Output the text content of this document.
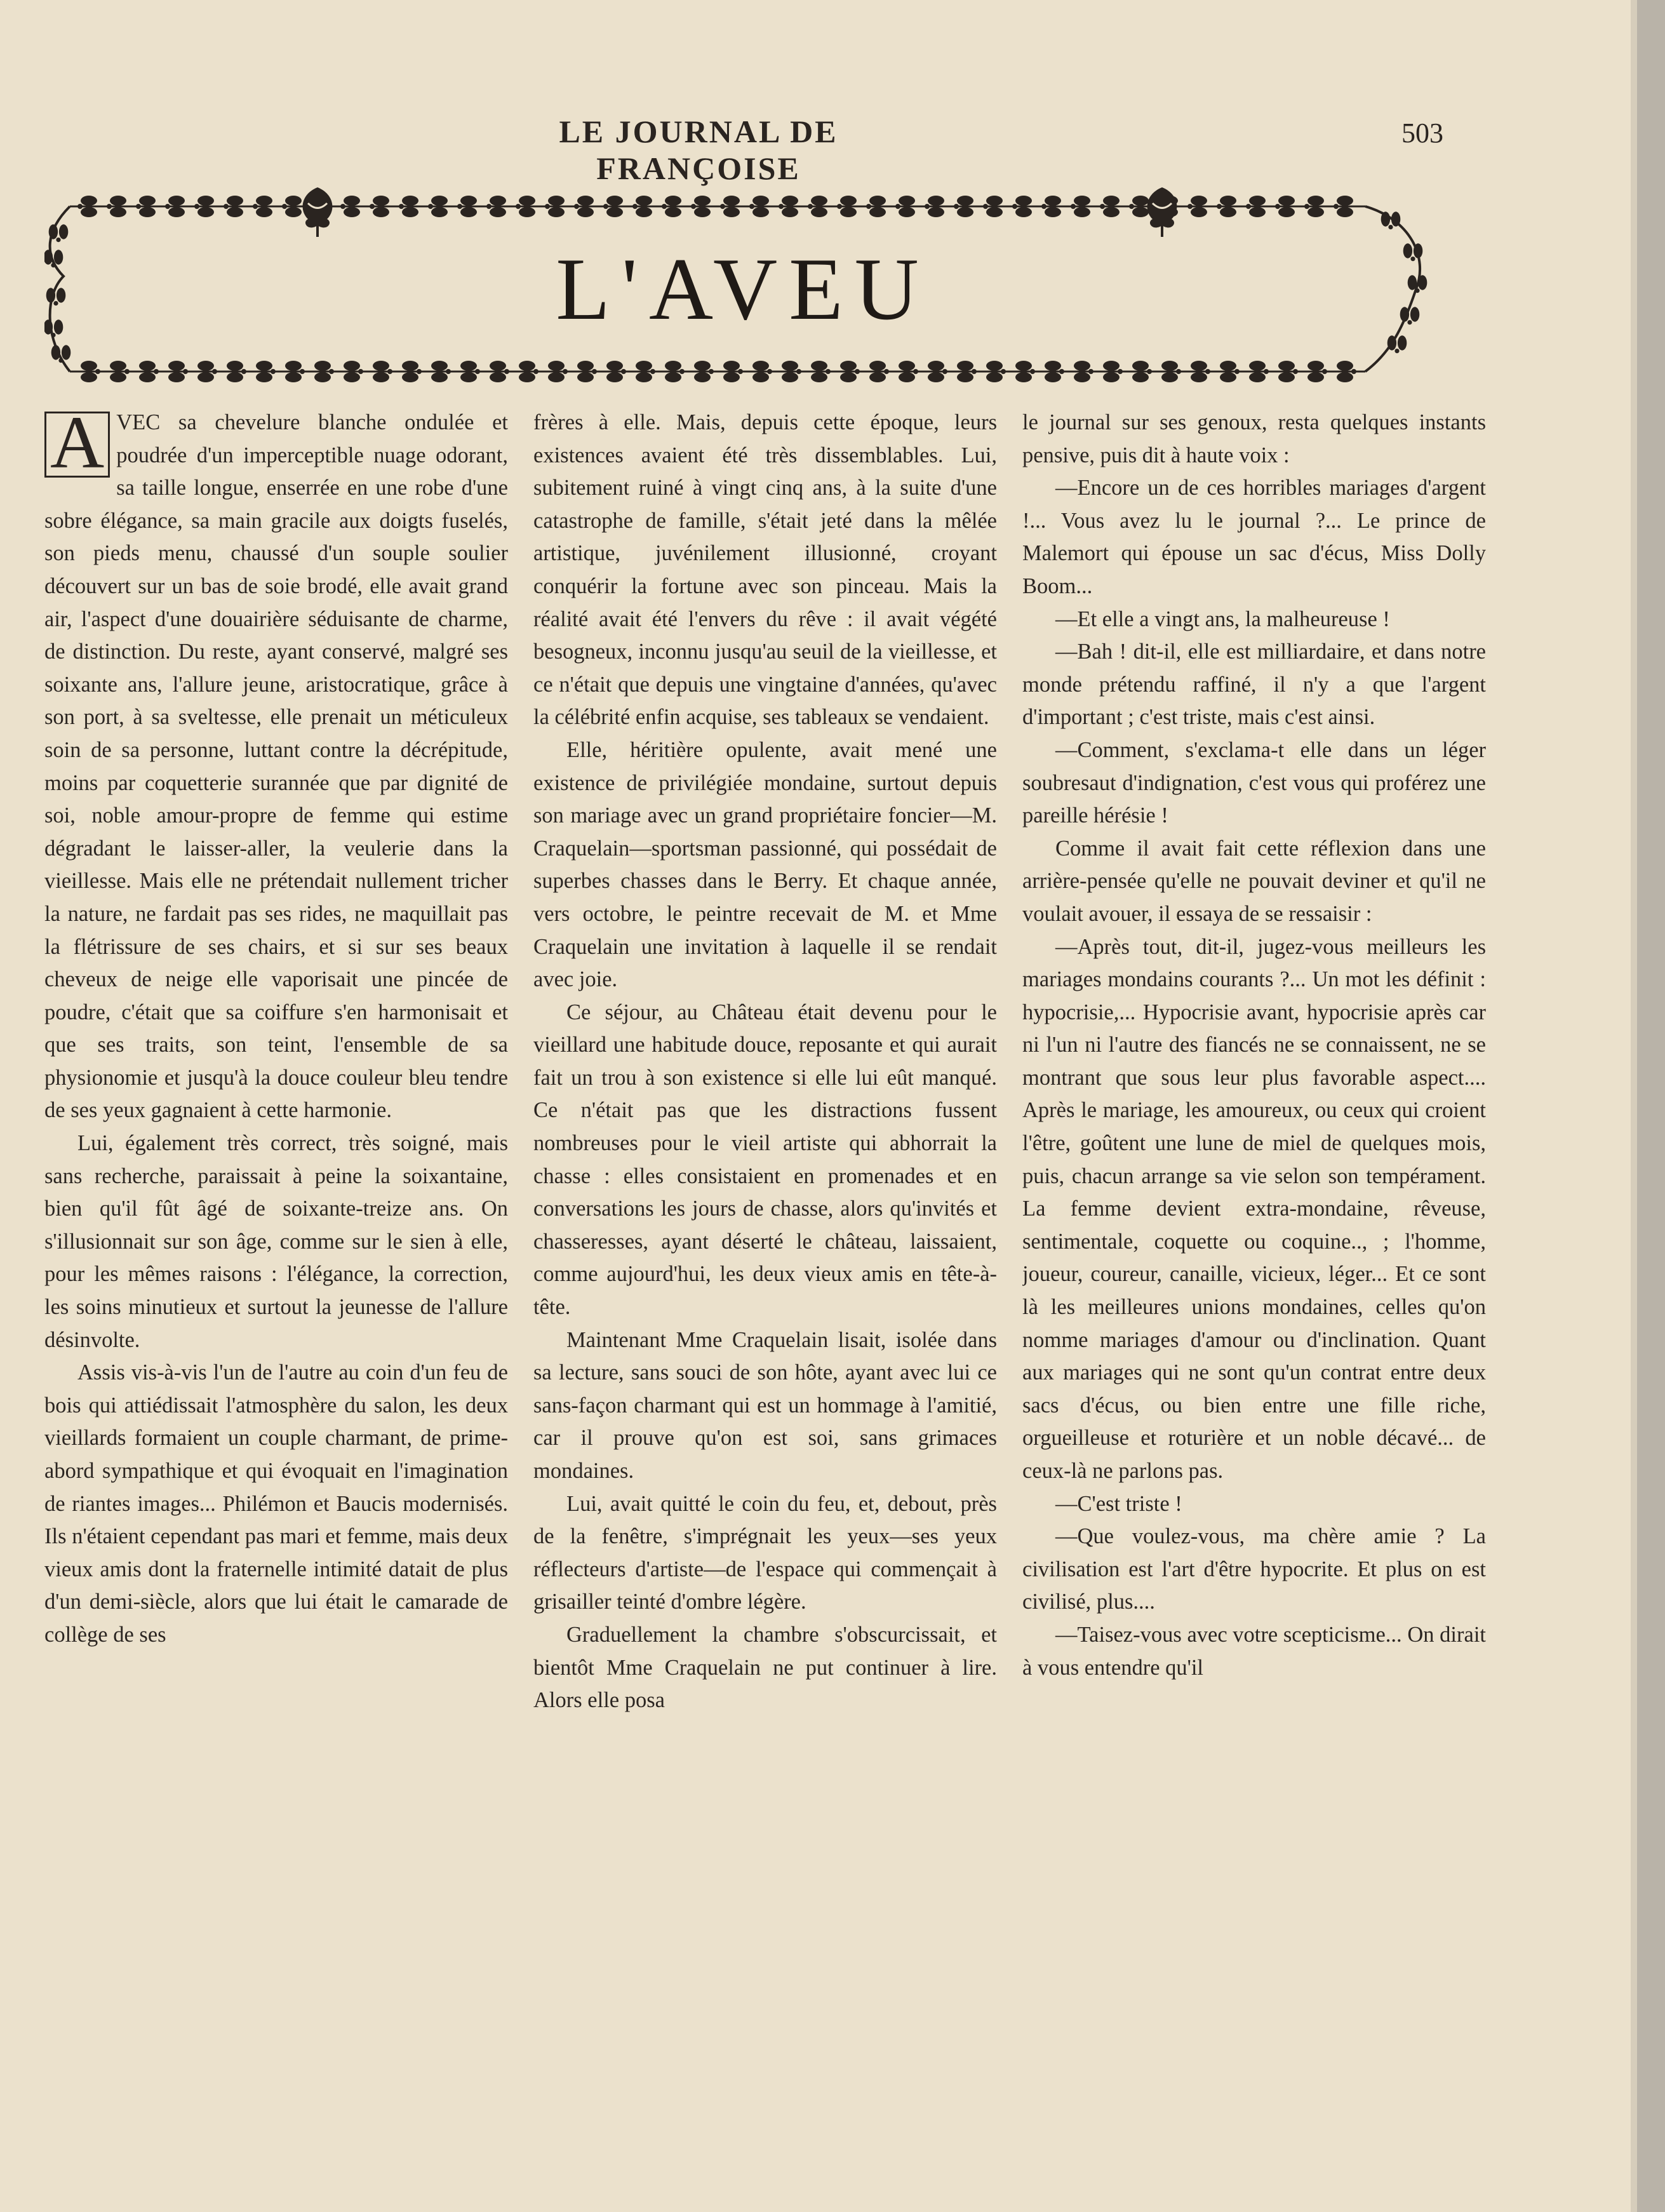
LE JOURNAL DE FRANÇOISE
503
L'AVEU

A VEC sa chevelure blanche ondulée et poudrée d'un imperceptible nuage odorant, sa taille longue, enserrée en une robe d'une sobre élégance, sa main gracile aux doigts fuselés, son pieds menu, chaussé d'un souple soulier découvert sur un bas de soie brodé, elle avait grand air, l'aspect d'une douairière séduisante de charme, de distinction. Du reste, ayant conservé, malgré ses soixante ans, l'allure jeune, aristocratique, grâce à son port, à sa sveltesse, elle prenait un méticuleux soin de sa personne, luttant contre la décrépitude, moins par coquetterie surannée que par dignité de soi, noble amour-propre de femme qui estime dégradant le laisser-aller, la veulerie dans la vieillesse. Mais elle ne prétendait nullement tricher la nature, ne fardait pas ses rides, ne maquillait pas la flétrissure de ses chairs, et si sur ses beaux cheveux de neige elle vaporisait une pincée de poudre, c'était que sa coiffure s'en harmonisait et que ses traits, son teint, l'ensemble de sa physionomie et jusqu'à la douce couleur bleu tendre de ses yeux gagnaient à cette harmonie.

Lui, également très correct, très soigné, mais sans recherche, paraissait à peine la soixantaine, bien qu'il fût âgé de soixante-treize ans. On s'illusionnait sur son âge, comme sur le sien à elle, pour les mêmes raisons : l'élégance, la correction, les soins minutieux et surtout la jeunesse de l'allure désinvolte.

Assis vis-à-vis l'un de l'autre au coin d'un feu de bois qui attiédissait l'atmosphère du salon, les deux vieillards formaient un couple charmant, de prime-abord sympathique et qui évoquait en l'imagination de riantes images... Philémon et Baucis modernisés. Ils n'étaient cependant pas mari et femme, mais deux vieux amis dont la fraternelle intimité datait de plus d'un demi-siècle, alors que lui était le camarade de collège de ses

frères à elle. Mais, depuis cette époque, leurs existences avaient été très dissemblables. Lui, subitement ruiné à vingt cinq ans, à la suite d'une catastrophe de famille, s'était jeté dans la mêlée artistique, juvénilement illusionné, croyant conquérir la fortune avec son pinceau. Mais la réalité avait été l'envers du rêve : il avait végété besogneux, inconnu jusqu'au seuil de la vieillesse, et ce n'était que depuis une vingtaine d'années, qu'avec la célébrité enfin acquise, ses tableaux se vendaient.

Elle, héritière opulente, avait mené une existence de privilégiée mondaine, surtout depuis son mariage avec un grand propriétaire foncier—M. Craquelain—sportsman passionné, qui possédait de superbes chasses dans le Berry. Et chaque année, vers octobre, le peintre recevait de M. et Mme Craquelain une invitation à laquelle il se rendait avec joie.

Ce séjour, au Château était devenu pour le vieillard une habitude douce, reposante et qui aurait fait un trou à son existence si elle lui eût manqué. Ce n'était pas que les distractions fussent nombreuses pour le vieil artiste qui abhorrait la chasse : elles consistaient en promenades et en conversations les jours de chasse, alors qu'invités et chasseresses, ayant déserté le château, laissaient, comme aujourd'hui, les deux vieux amis en tête-à-tête.

Maintenant Mme Craquelain lisait, isolée dans sa lecture, sans souci de son hôte, ayant avec lui ce sans-façon charmant qui est un hommage à l'amitié, car il prouve qu'on est soi, sans grimaces mondaines.

Lui, avait quitté le coin du feu, et, debout, près de la fenêtre, s'imprégnait les yeux—ses yeux réflecteurs d'artiste—de l'espace qui commençait à grisailler teinté d'ombre légère.

Graduellement la chambre s'obscurcissait, et bientôt Mme Craquelain ne put continuer à lire. Alors elle posa

le journal sur ses genoux, resta quelques instants pensive, puis dit à haute voix :

—Encore un de ces horribles mariages d'argent !... Vous avez lu le journal ?... Le prince de Malemort qui épouse un sac d'écus, Miss Dolly Boom...

—Et elle a vingt ans, la malheureuse !

—Bah ! dit-il, elle est milliardaire, et dans notre monde prétendu raffiné, il n'y a que l'argent d'important ; c'est triste, mais c'est ainsi.

—Comment, s'exclama-t elle dans un léger soubresaut d'indignation, c'est vous qui proférez une pareille hérésie !

Comme il avait fait cette réflexion dans une arrière-pensée qu'elle ne pouvait deviner et qu'il ne voulait avouer, il essaya de se ressaisir :

—Après tout, dit-il, jugez-vous meilleurs les mariages mondains courants ?... Un mot les définit : hypocrisie,... Hypocrisie avant, hypocrisie après car ni l'un ni l'autre des fiancés ne se connaissent, ne se montrant que sous leur plus favorable aspect.... Après le mariage, les amoureux, ou ceux qui croient l'être, goûtent une lune de miel de quelques mois, puis, chacun arrange sa vie selon son tempérament. La femme devient extra-mondaine, rêveuse, sentimentale, coquette ou coquine.., ; l'homme, joueur, coureur, canaille, vicieux, léger... Et ce sont là les meilleures unions mondaines, celles qu'on nomme mariages d'amour ou d'inclination. Quant aux mariages qui ne sont qu'un contrat entre deux sacs d'écus, ou bien entre une fille riche, orgueilleuse et roturière et un noble décavé... de ceux-là ne parlons pas.

—C'est triste !

—Que voulez-vous, ma chère amie ? La civilisation est l'art d'être hypocrite. Et plus on est civilisé, plus....

—Taisez-vous avec votre scepticisme... On dirait à vous entendre qu'il
